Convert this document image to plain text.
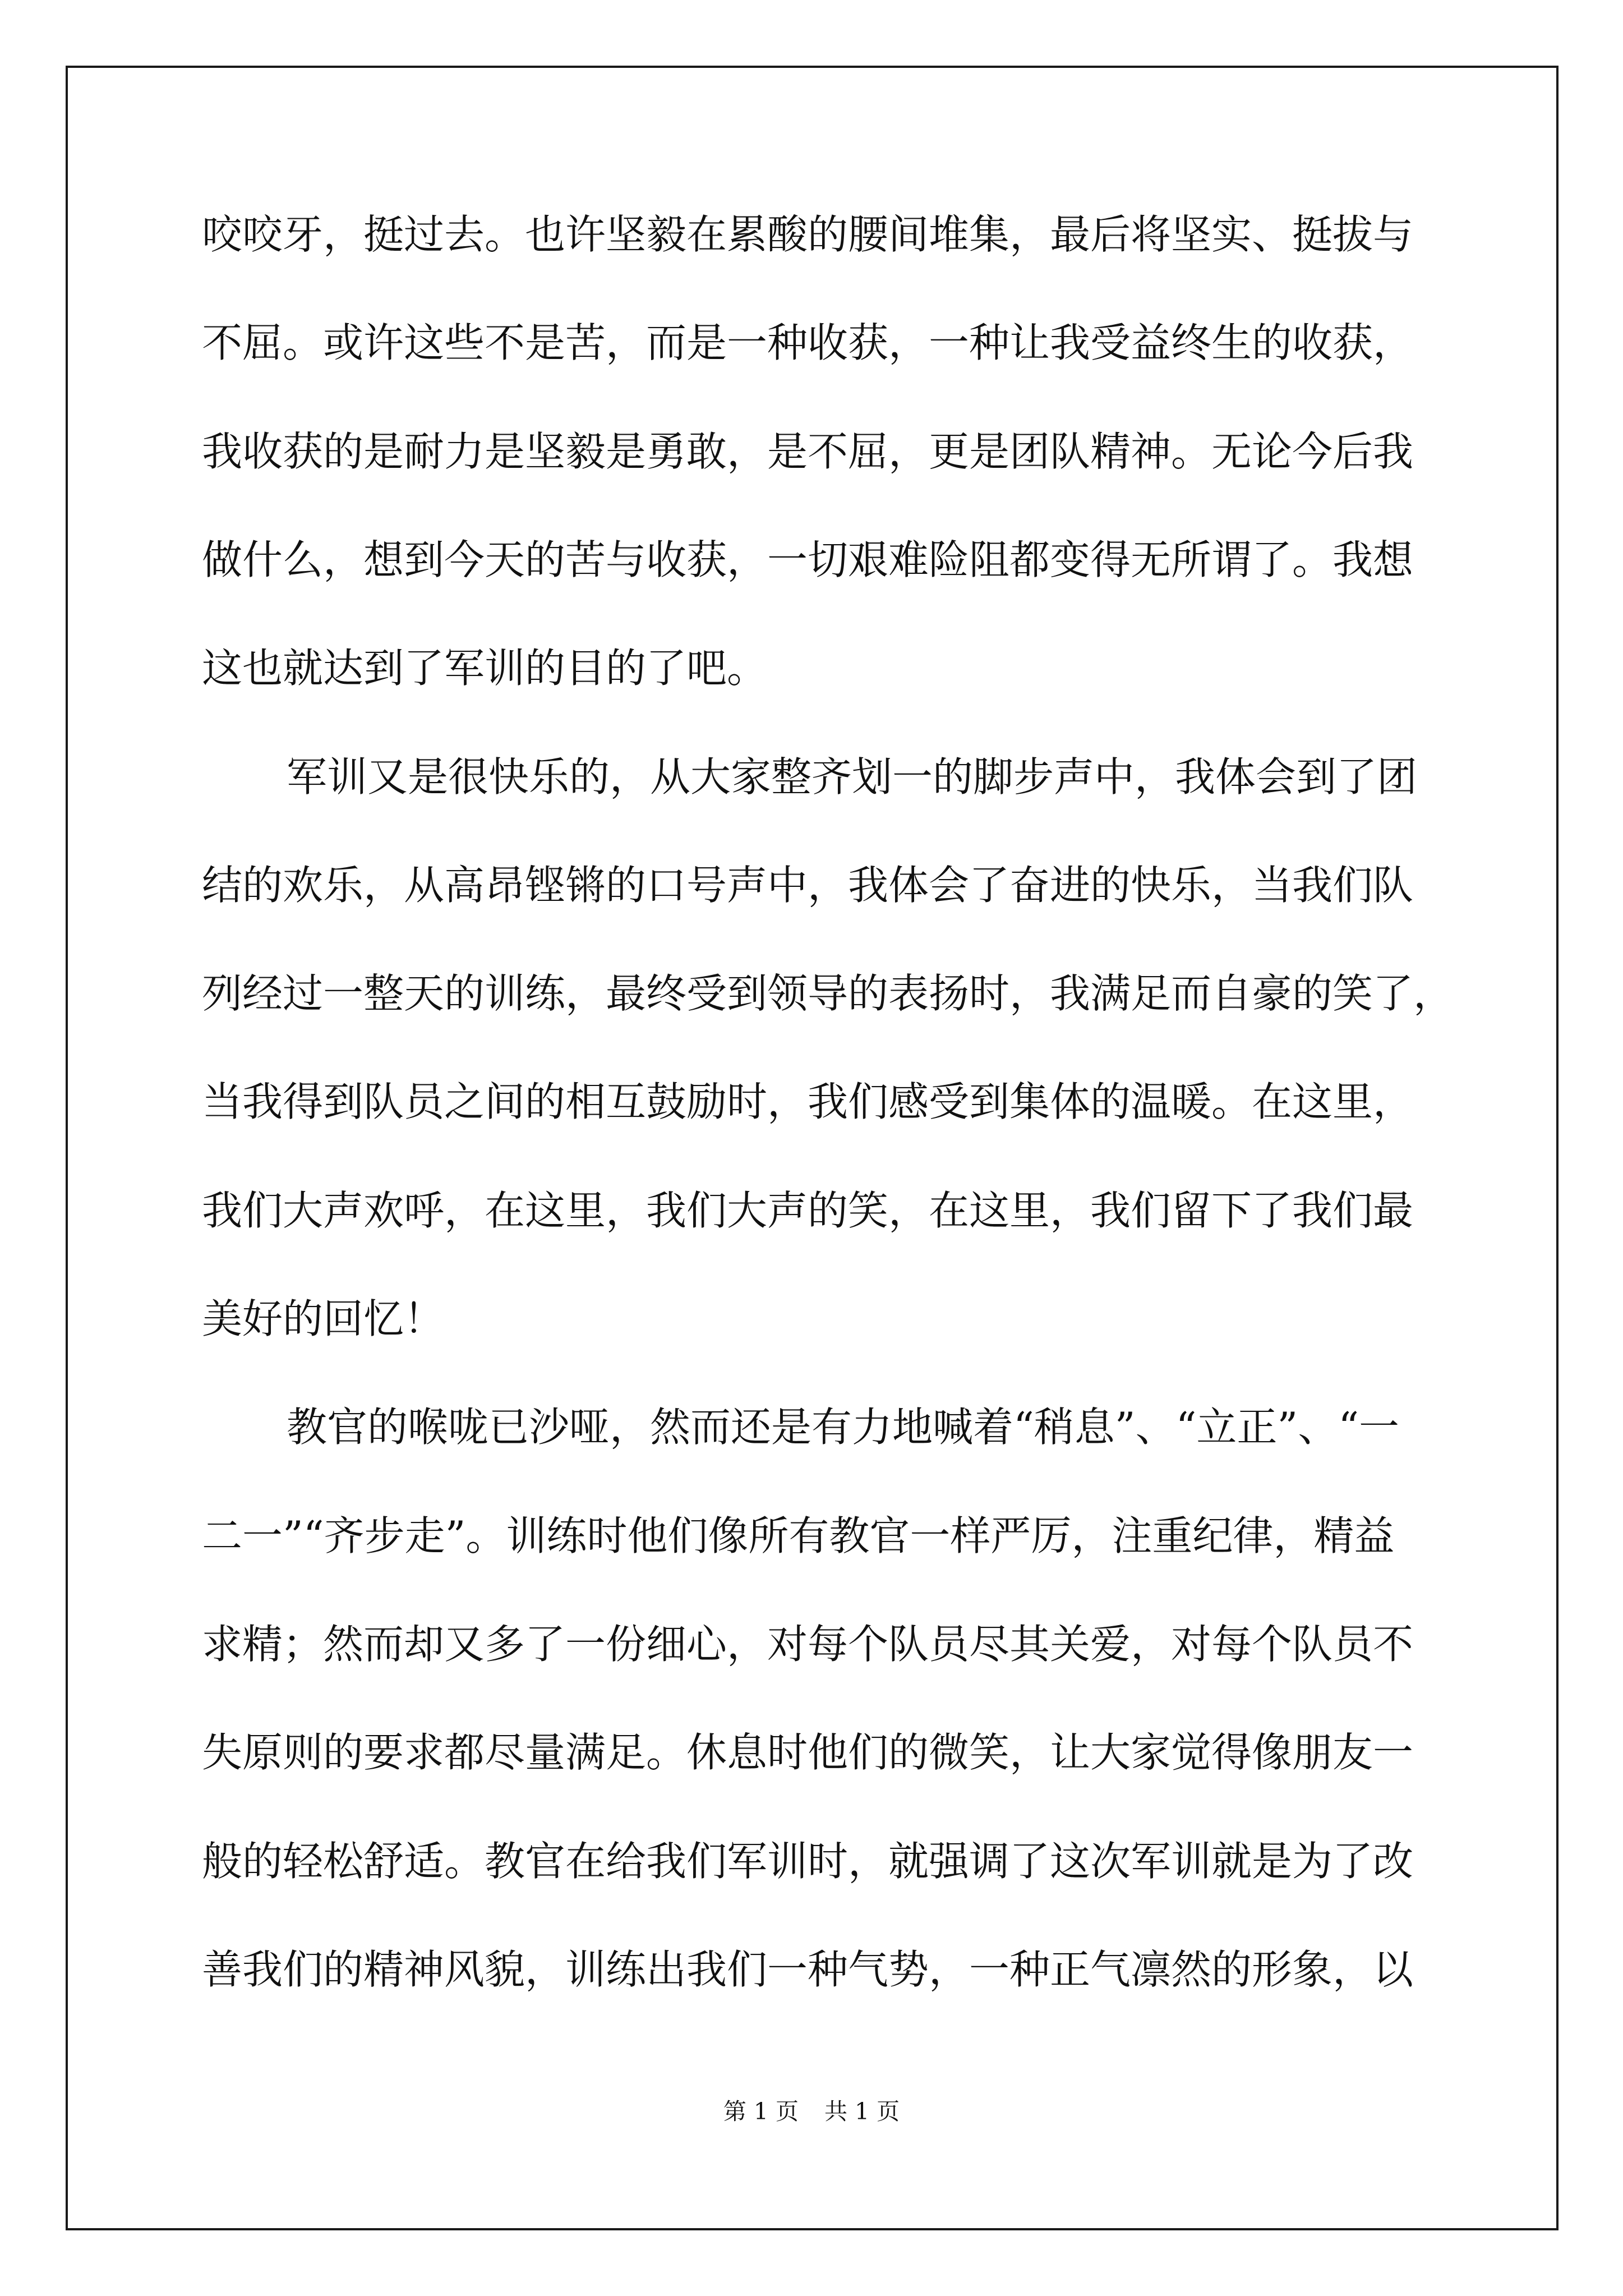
咬咬牙，挺过去。也许坚毅在累酸的腰间堆集，最后将坚实、挺拔与
不屈。或许这些不是苦，而是一种收获，一种让我受益终生的收获，
我收获的是耐力是坚毅是勇敢，是不屈，更是团队精神。无论今后我
做什么，想到今天的苦与收获，一切艰难险阻都变得无所谓了。我想
这也就达到了军训的目的了吧。
军训又是很快乐的，从大家整齐划一的脚步声中，我体会到了团
结的欢乐，从高昂铿锵的口号声中，我体会了奋进的快乐，当我们队
列经过一整天的训练，最终受到领导的表扬时，我满足而自豪的笑了，
当我得到队员之间的相互鼓励时，我们感受到集体的温暖。在这里，
我们大声欢呼，在这里，我们大声的笑，在这里，我们留下了我们最
美好的回忆！
教官的喉咙已沙哑，然而还是有力地喊着“稍息”、“立正”、“一
二一”“齐步走”。训练时他们像所有教官一样严厉，注重纪律，精益
求精；然而却又多了一份细心，对每个队员尽其关爱，对每个队员不
失原则的要求都尽量满足。休息时他们的微笑，让大家觉得像朋友一
般的轻松舒适。教官在给我们军训时，就强调了这次军训就是为了改
善我们的精神风貌，训练出我们一种气势，一种正气凛然的形象，以
第 1 页 共 1 页
